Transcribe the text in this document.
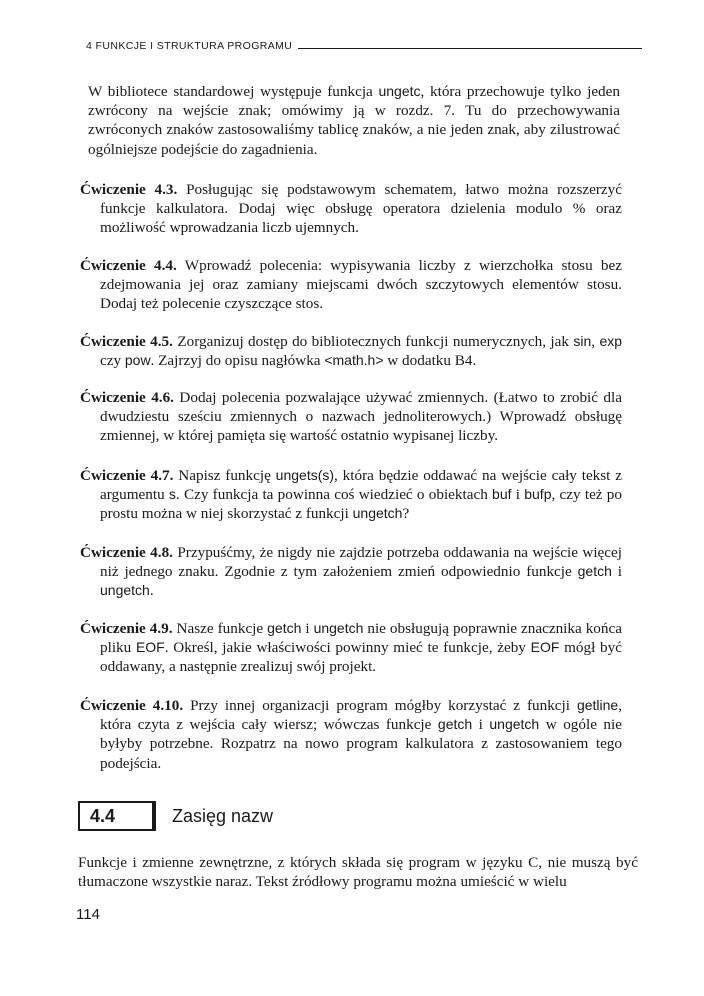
4 FUNKCJE I STRUKTURA PROGRAMU

W bibliotece standardowej występuje funkcja ungetc, która przechowuje tylko jeden zwrócony na wejście znak; omówimy ją w rozdz. 7. Tu do przechowywania zwróconych znaków zastosowaliśmy tablicę znaków, a nie jeden znak, aby zilustrować ogólniejsze podejście do zagadnienia.

Ćwiczenie 4.3. Posługując się podstawowym schematem, łatwo można rozszerzyć funkcje kalkulatora. Dodaj więc obsługę operatora dzielenia modulo % oraz możliwość wprowadzania liczb ujemnych.

Ćwiczenie 4.4. Wprowadź polecenia: wypisywania liczby z wierzchołka stosu bez zdejmowania jej oraz zamiany miejscami dwóch szczytowych elementów stosu. Dodaj też polecenie czyszczące stos.

Ćwiczenie 4.5. Zorganizuj dostęp do bibliotecznych funkcji numerycznych, jak sin, exp czy pow. Zajrzyj do opisu nagłówka <math.h> w dodatku B4.

Ćwiczenie 4.6. Dodaj polecenia pozwalające używać zmiennych. (Łatwo to zrobić dla dwudziestu sześciu zmiennych o nazwach jednoliterowych.) Wprowadź obsługę zmiennej, w której pamięta się wartość ostatnio wypisanej liczby.

Ćwiczenie 4.7. Napisz funkcję ungets(s), która będzie oddawać na wejście cały tekst z argumentu s. Czy funkcja ta powinna coś wiedzieć o obiektach buf i bufp, czy też po prostu można w niej skorzystać z funkcji ungetch?

Ćwiczenie 4.8. Przypuśćmy, że nigdy nie zajdzie potrzeba oddawania na wejście więcej niż jednego znaku. Zgodnie z tym założeniem zmień odpowiednio funkcje getch i ungetch.

Ćwiczenie 4.9. Nasze funkcje getch i ungetch nie obsługują poprawnie znacznika końca pliku EOF. Określ, jakie właściwości powinny mieć te funkcje, żeby EOF mógł być oddawany, a następnie zrealizuj swój projekt.

Ćwiczenie 4.10. Przy innej organizacji program mógłby korzystać z funkcji getline, która czyta z wejścia cały wiersz; wówczas funkcje getch i ungetch w ogóle nie byłyby potrzebne. Rozpatrz na nowo program kalkulatora z zastosowaniem tego podejścia.

4.4	Zasięg nazw

Funkcje i zmienne zewnętrzne, z których składa się program w języku C, nie muszą być tłumaczone wszystkie naraz. Tekst źródłowy programu można umieścić w wielu

114
